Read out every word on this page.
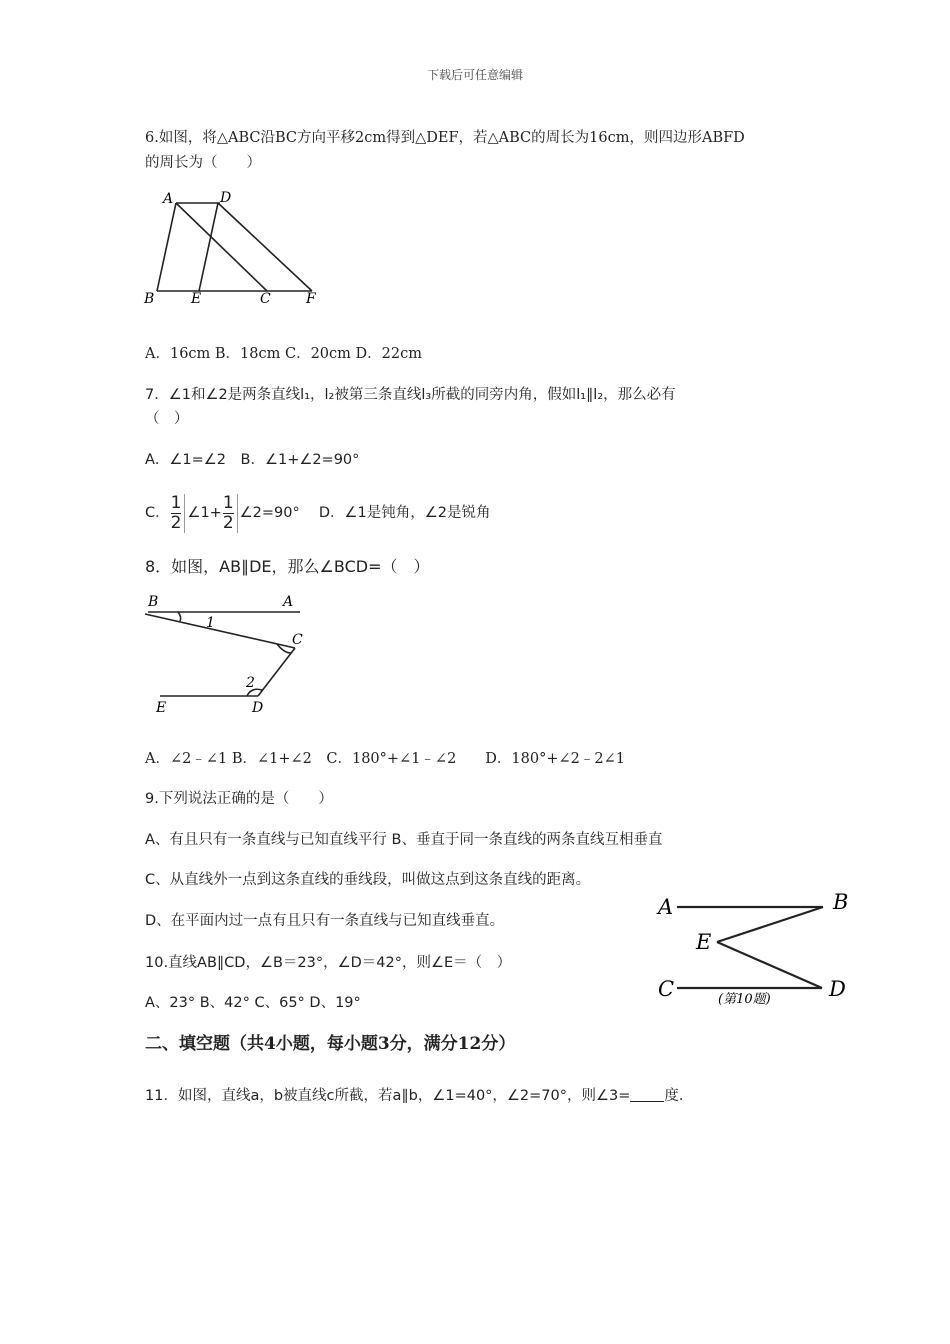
下载后可任意编辑
6.如图，将△ABC沿BC方向平移2cm得到△DEF，若△ABC的周长为16cm，则四边形ABFD
的周长为（　　）
A	D
B	E	C	F
A．16cm B．18cm C．20cm D．22cm
7．∠1和∠2是两条直线l₁，l₂被第三条直线l₃所截的同旁内角，假如l₁∥l₂，那么必有
（　）
A．∠1=∠2　B．∠1+∠2=90°
C． $\frac{1}{2}$ ∠1+ $\frac{1}{2}$ ∠2=90°　 D．∠1是钝角，∠2是锐角
8．如图，AB∥DE，那么∠BCD=（　）
B	A
1
C
2
E	D
A．∠2﹣∠1 B．∠1+∠2　C．180°+∠1﹣∠2　　D．180°+∠2﹣2∠1
9.下列说法正确的是（　　）
A、有且只有一条直线与已知直线平行 B、垂直于同一条直线的两条直线互相垂直
C、从直线外一点到这条直线的垂线段，叫做这点到这条直线的距离。
D、在平面内过一点有且只有一条直线与已知直线垂直。
10.直线AB∥CD，∠B＝23°，∠D＝42°，则∠E＝（　）
A、23° B、42° C、65° D、19°
A	B
E
C	D
(第10题)
二、填空题（共4小题，每小题3分，满分12分）
11．如图，直线a，b被直线c所截，若a∥b，∠1=40°，∠2=70°，则∠3= 度．
